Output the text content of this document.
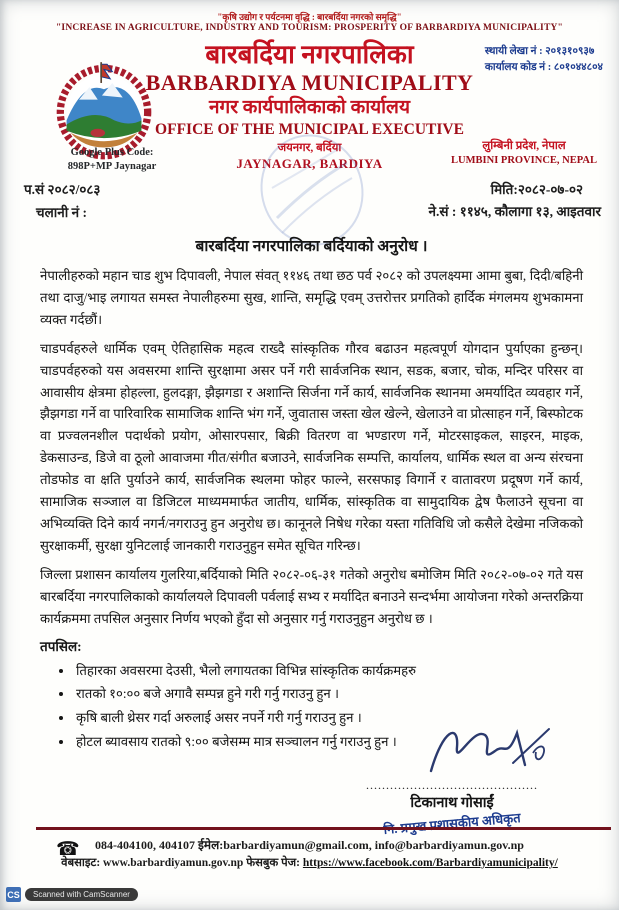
"कृषि उद्योग र पर्यटनमा वृद्धि : बारबर्दिया नगरको समृद्धि"
"INCREASE IN AGRICULTURE, INDUSTRY AND TOURISM: PROSPERITY OF BARBARDIYA MUNICIPALITY"
बारबर्दिया नगरपालिका
BARBARDIYA MUNICIPALITY
नगर कार्यपालिकाको कार्यालय
OFFICE OF THE MUNICIPAL EXECUTIVE
जयनगर, बर्दिया
JAYNAGAR, BARDIYA
स्थायी लेखा नं : २०१३१०९३७
कार्यालय कोड नं : ८०१०४४८०४
Google Plus Code:
898P+MP Jaynagar
लुम्बिनी प्रदेश, नेपाल
LUMBINI PROVINCE, NEPAL
प.सं २०८२/०८३
चलानी नं :
मिति:२०८२-०७-०२
ने.सं : ११४५, कौलागा १३, आइतवार
बारबर्दिया नगरपालिका बर्दियाको अनुरोध ।

नेपालीहरुको महान चाड शुभ दिपावली, नेपाल संवत् ११४६ तथा छठ पर्व २०८२ को उपलक्ष्यमा आमा बुबा, दिदी/बहिनी तथा दाजु/भाइ लगायत समस्त नेपालीहरुमा सुख, शान्ति, समृद्धि एवम् उत्तरोत्तर प्रगतिको हार्दिक मंगलमय शुभकामना व्यक्त गर्दछौं।

चाडपर्वहरुले धार्मिक एवम् ऐतिहासिक महत्व राख्दै सांस्कृतिक गौरव बढाउन महत्वपूर्ण योगदान पुर्याएका हुन्छन्। चाडपर्वहरुको यस अवसरमा शान्ति सुरक्षामा असर पर्ने गरी सार्वजनिक स्थान, सडक, बजार, चोक, मन्दिर परिसर वा आवासीय क्षेत्रमा होहल्ला, हुलदङ्गा, झैझगडा र अशान्ति सिर्जना गर्ने कार्य, सार्वजनिक स्थानमा अमर्यादित व्यवहार गर्ने, झैझगडा गर्ने वा पारिवारिक सामाजिक शान्ति भंग गर्ने, जुवातास जस्ता खेल खेल्ने, खेलाउने वा प्रोत्साहन गर्ने, बिस्फोटक वा प्रज्वलनशील पदार्थको प्रयोग, ओसारपसार, बिक्री वितरण वा भण्डारण गर्ने, मोटरसाइकल, साइरन, माइक, डेकसाउन्ड, डिजे वा ठूलो आवाजमा गीत/संगीत बजाउने, सार्वजनिक सम्पत्ति, कार्यालय, धार्मिक स्थल वा अन्य संरचना तोडफोड वा क्षति पुर्याउने कार्य, सार्वजनिक स्थलमा फोहर फाल्ने, सरसफाइ विगार्ने र वातावरण प्रदूषण गर्ने कार्य, सामाजिक सञ्जाल वा डिजिटल माध्यममार्फत जातीय, धार्मिक, सांस्कृतिक वा सामुदायिक द्वेष फैलाउने सूचना वा अभिव्यक्ति दिने कार्य नगर्न/नगराउनु हुन अनुरोध छ। कानूनले निषेध गरेका यस्ता गतिविधि जो कसैले देखेमा नजिकको सुरक्षाकर्मी, सुरक्षा युनिटलाई जानकारी गराउनुहुन समेत सूचित गरिन्छ।

जिल्ला प्रशासन कार्यालय गुलरिया,बर्दियाको मिति २०८२-०६-३१ गतेको अनुरोध बमोजिम मिति २०८२-०७-०२ गते यस बारबर्दिया नगरपालिकाको कार्यालयले दिपावली पर्वलाई सभ्य र मर्यादित बनाउने सन्दर्भमा आयोजना गरेको अन्तरक्रिया कार्यक्रममा तपसिल अनुसार निर्णय भएको हुँदा सो अनुसार गर्नु गराउनुहुन अनुरोध छ ।

तपसिल:
• तिहारका अवसरमा देउसी, भैलो लगायतका विभिन्न सांस्कृतिक कार्यक्रमहरु
• रातको १०:०० बजे अगावै सम्पन्न हुने गरी गर्नु गराउनु हुन ।
• कृषि बाली थ्रेसर गर्दा अरुलाई असर नपर्ने गरी गर्नु गराउनु हुन ।
• होटल ब्यावसाय रातको ९:०० बजेसम्म मात्र सञ्चालन गर्नु गराउनु हुन ।
...........................................
टिकानाथ गोसाईं
नि. प्रमुख प्रशासकीय अधिकृत
☎	084-404100, 404107 ईमेल:barbardiyamun@gmail.com, info@barbardiyamun.gov.np
वेबसाइट: www.barbardiyamun.gov.np फेसबुक पेज: https://www.facebook.com/Barbardiyamunicipality/
CS	Scanned with CamScanner
